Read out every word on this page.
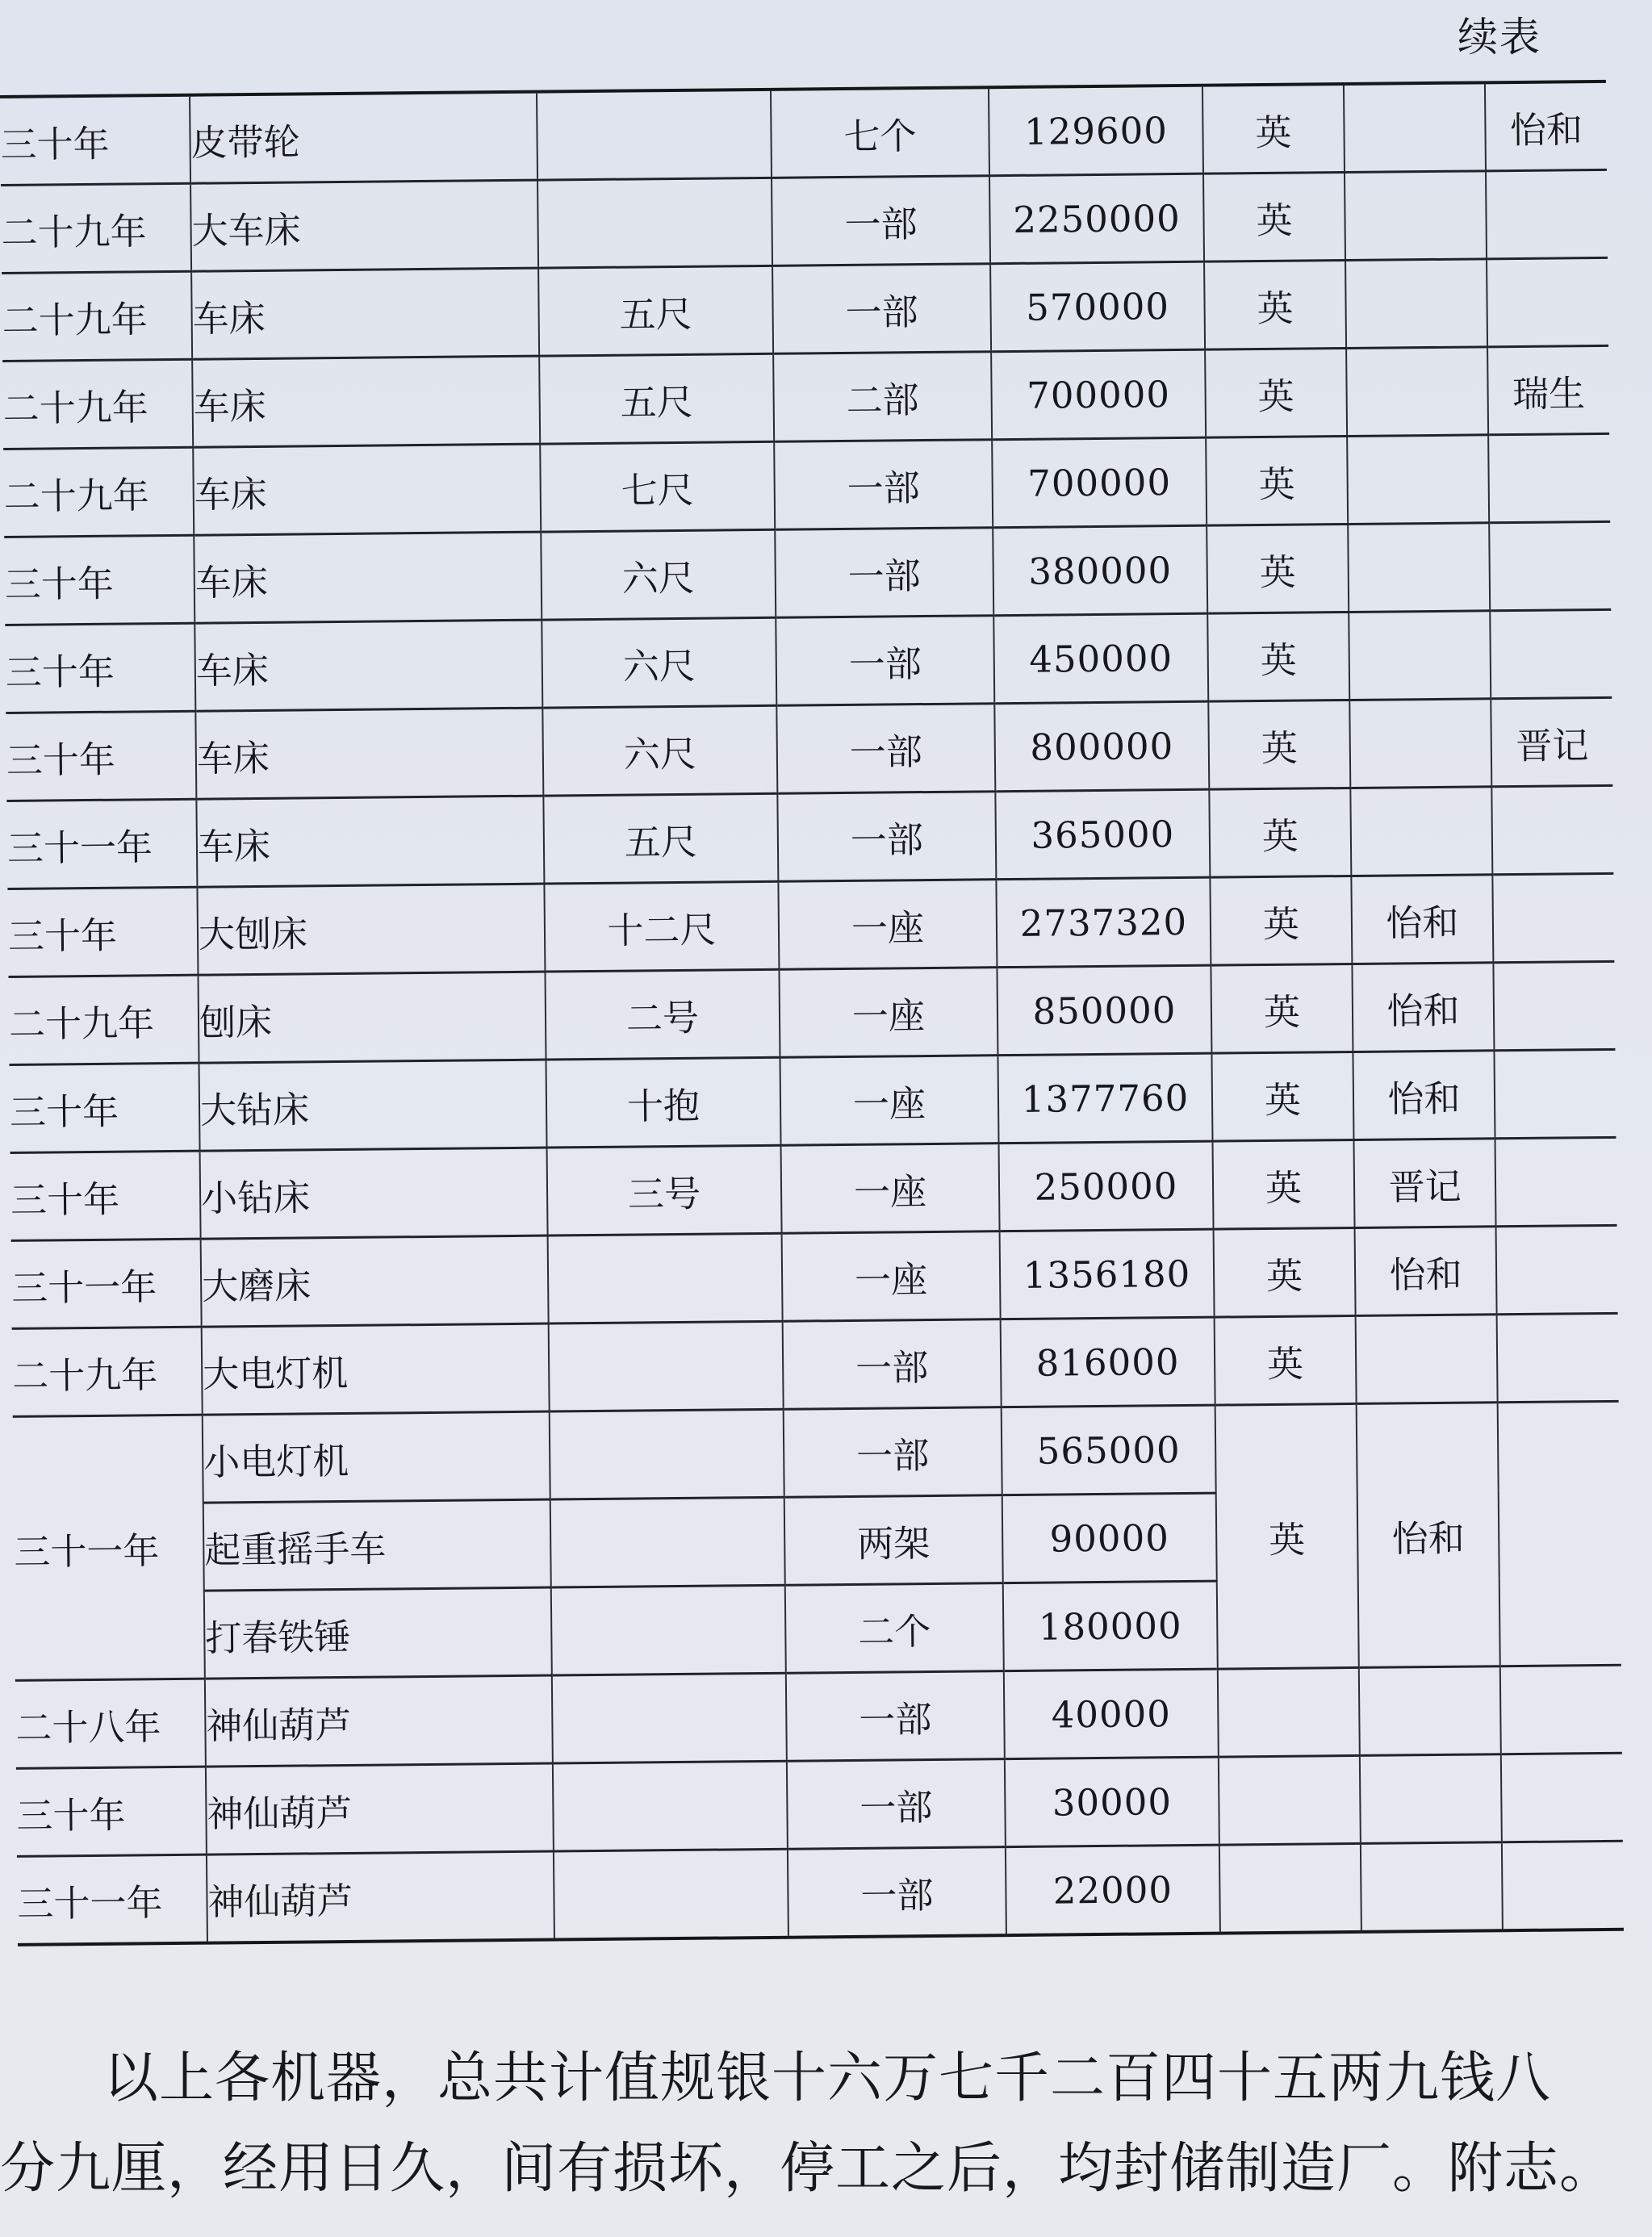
续表
三十年	皮带轮		七个	129600	英		怡和
二十九年	大车床		一部	2250000	英		
二十九年	车床	五尺	一部	570000	英		
二十九年	车床	五尺	二部	700000	英		瑞生
二十九年	车床	七尺	一部	700000	英		
三十年	车床	六尺	一部	380000	英		
三十年	车床	六尺	一部	450000	英		
三十年	车床	六尺	一部	800000	英		晋记
三十一年	车床	五尺	一部	365000	英		
三十年	大刨床	十二尺	一座	2737320	英	怡和	
二十九年	刨床	二号	一座	850000	英	怡和	
三十年	大钻床	十抱	一座	1377760	英	怡和	
三十年	小钻床	三号	一座	250000	英	晋记	
三十一年	大磨床		一座	1356180	英	怡和	
二十九年	大电灯机		一部	816000	英		
三十一年	小电灯机		一部	565000	英	怡和	
	起重摇手车		两架	90000			
	打春铁锤		二个	180000			
二十八年	神仙葫芦		一部	40000			
三十年	神仙葫芦		一部	30000			
三十一年	神仙葫芦		一部	22000			
以上各机器，总共计值规银十六万七千二百四十五两九钱八
分九厘，经用日久，间有损坏，停工之后，均封储制造厂。附志。
